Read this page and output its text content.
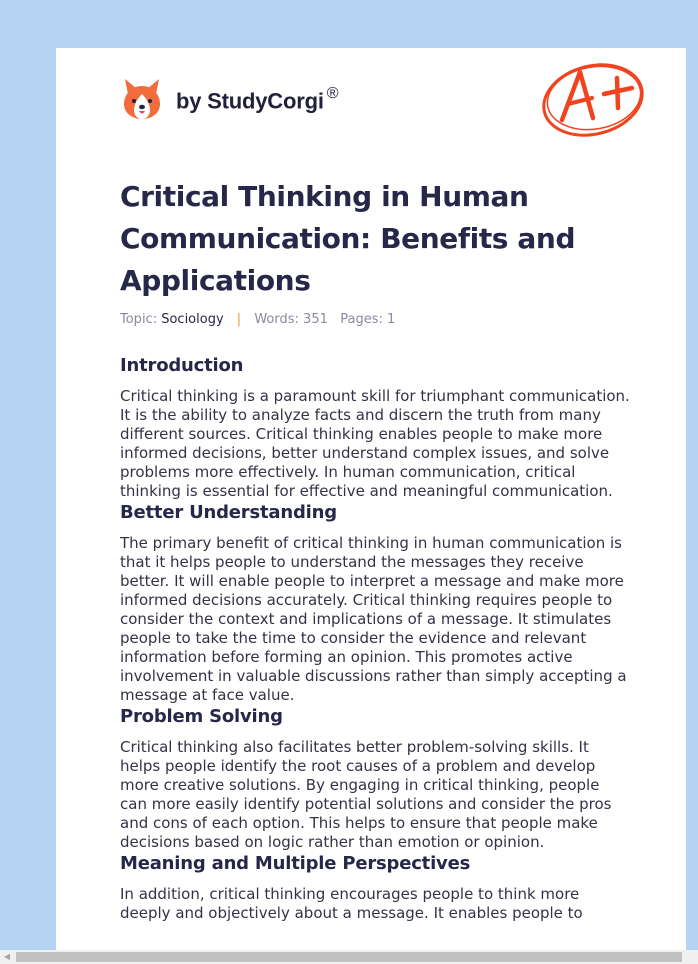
by StudyCorgi ®
Critical Thinking in Human Communication: Benefits and Applications
Topic: Sociology | Words: 351 Pages: 1
Introduction

Critical thinking is a paramount skill for triumphant communication. It is the ability to analyze facts and discern the truth from many different sources. Critical thinking enables people to make more informed decisions, better understand complex issues, and solve problems more effectively. In human communication, critical thinking is essential for effective and meaningful communication.

Better Understanding

The primary benefit of critical thinking in human communication is that it helps people to understand the messages they receive better. It will enable people to interpret a message and make more informed decisions accurately. Critical thinking requires people to consider the context and implications of a message. It stimulates people to take the time to consider the evidence and relevant information before forming an opinion. This promotes active involvement in valuable discussions rather than simply accepting a message at face value.

Problem Solving

Critical thinking also facilitates better problem-solving skills. It helps people identify the root causes of a problem and develop more creative solutions. By engaging in critical thinking, people can more easily identify potential solutions and consider the pros and cons of each option. This helps to ensure that people make decisions based on logic rather than emotion or opinion.

Meaning and Multiple Perspectives

In addition, critical thinking encourages people to think more deeply and objectively about a message. It enables people to

◀
